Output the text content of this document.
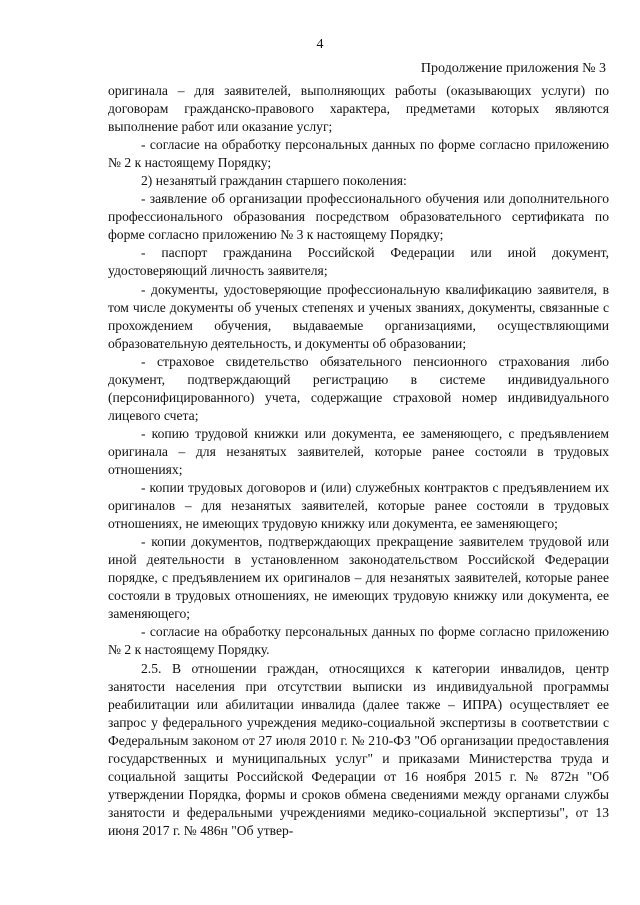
4
Продолжение приложения № 3

оригинала – для заявителей, выполняющих работы (оказывающих услуги) по договорам гражданско-правового характера, предметами которых являются выполнение работ или оказание услуг;

- согласие на обработку персональных данных по форме согласно приложению № 2 к настоящему Порядку;

2) незанятый гражданин старшего поколения:

- заявление об организации профессионального обучения или дополнительного профессионального образования посредством образовательного сертификата по форме согласно приложению № 3 к настоящему Порядку;

- паспорт гражданина Российской Федерации или иной документ, удостоверяющий личность заявителя;

- документы, удостоверяющие профессиональную квалификацию заявителя, в том числе документы об ученых степенях и ученых званиях, документы, связанные с прохождением обучения, выдаваемые организациями, осуществляющими образовательную деятельность, и документы об образовании;

- страховое свидетельство обязательного пенсионного страхования либо документ, подтверждающий регистрацию в системе индивидуального (персонифицированного) учета, содержащие страховой номер индивидуального лицевого счета;

- копию трудовой книжки или документа, ее заменяющего, с предъявлением оригинала – для незанятых заявителей, которые ранее состояли в трудовых отношениях;

- копии трудовых договоров и (или) служебных контрактов с предъявлением их оригиналов – для незанятых заявителей, которые ранее состояли в трудовых отношениях, не имеющих трудовую книжку или документа, ее заменяющего;

- копии документов, подтверждающих прекращение заявителем трудовой или иной деятельности в установленном законодательством Российской Федерации порядке, с предъявлением их оригиналов – для незанятых заявителей, которые ранее состояли в трудовых отношениях, не имеющих трудовую книжку или документа, ее заменяющего;

- согласие на обработку персональных данных по форме согласно приложению № 2 к настоящему Порядку.

2.5. В отношении граждан, относящихся к категории инвалидов, центр занятости населения при отсутствии выписки из индивидуальной программы реабилитации или абилитации инвалида (далее также – ИПРА) осуществляет ее запрос у федерального учреждения медико-социальной экспертизы в соответствии с Федеральным законом от 27 июля 2010 г. № 210-ФЗ "Об организации предоставления государственных и муниципальных услуг" и приказами Министерства труда и социальной защиты Российской Федерации от 16 ноября 2015 г. № 872н "Об утверждении Порядка, формы и сроков обмена сведениями между органами службы занятости и федеральными учреждениями медико-социальной экспертизы", от 13 июня 2017 г. № 486н "Об утвер-
